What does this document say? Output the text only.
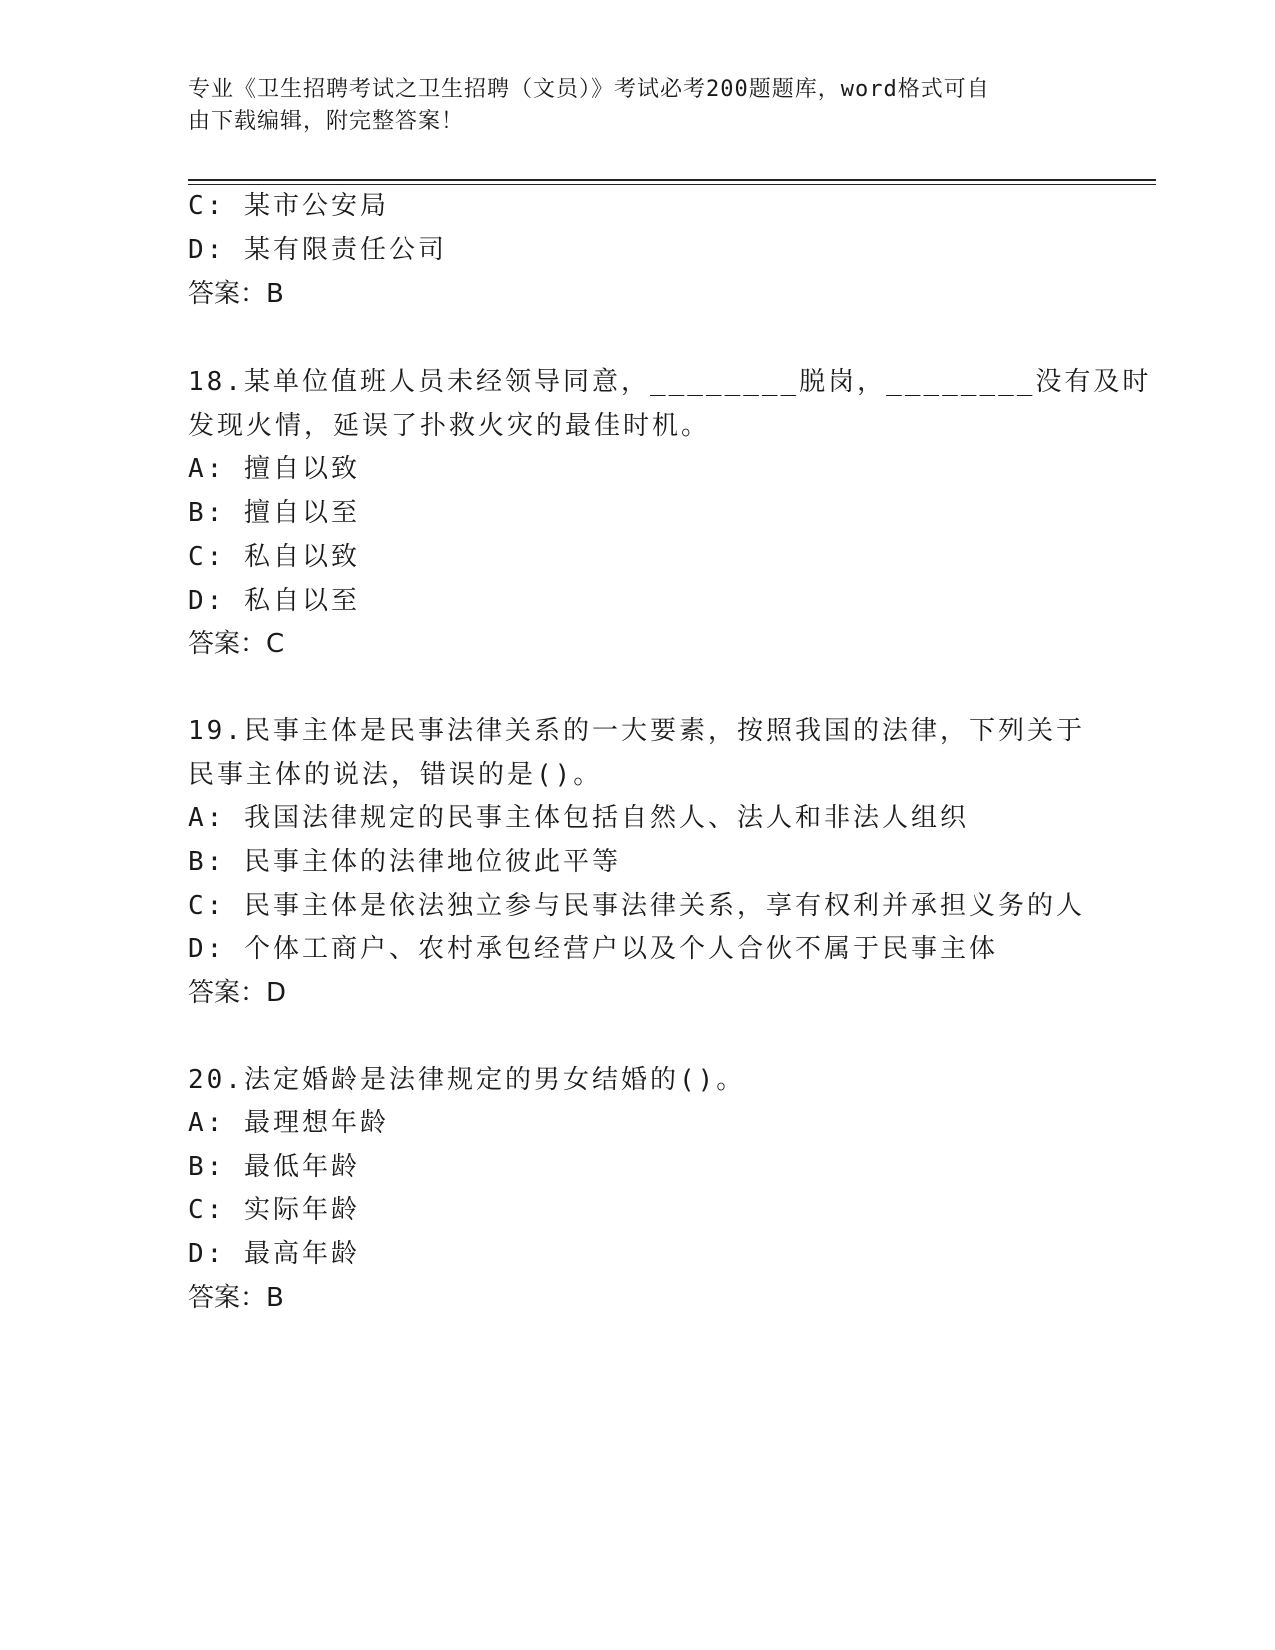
专业《卫生招聘考试之卫生招聘（文员）》考试必考200题题库，word格式可自
由下载编辑，附完整答案！
C: 某市公安局
D: 某有限责任公司
答案：B
18.某单位值班人员未经领导同意，________脱岗，________没有及时
发现火情，延误了扑救火灾的最佳时机。
A: 擅自以致
B: 擅自以至
C: 私自以致
D: 私自以至
答案：C
19.民事主体是民事法律关系的一大要素，按照我国的法律，下列关于
民事主体的说法，错误的是()。
A: 我国法律规定的民事主体包括自然人、法人和非法人组织
B: 民事主体的法律地位彼此平等
C: 民事主体是依法独立参与民事法律关系，享有权利并承担义务的人
D: 个体工商户、农村承包经营户以及个人合伙不属于民事主体
答案：D
20.法定婚龄是法律规定的男女结婚的()。
A: 最理想年龄
B: 最低年龄
C: 实际年龄
D: 最高年龄
答案：B
